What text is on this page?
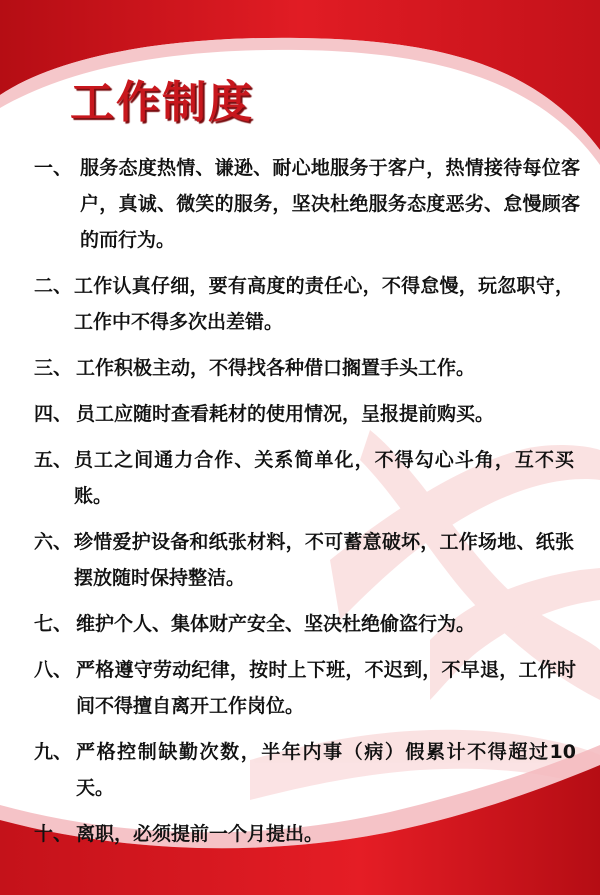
工作制度
一、 服务态度热情、谦逊、耐心地服务于客户，热情接待每位客户，真诚、微笑的服务，坚决杜绝服务态度恶劣、怠慢顾客的而行为。
二、 工作认真仔细，要有高度的责任心，不得怠慢，玩忽职守，工作中不得多次出差错。
三、 工作积极主动，不得找各种借口搁置手头工作。
四、 员工应随时查看耗材的使用情况，呈报提前购买。
五、 员工之间通力合作、关系简单化，不得勾心斗角，互不买账。
六、 珍惜爱护设备和纸张材料，不可蓄意破坏，工作场地、纸张摆放随时保持整洁。
七、 维护个人、集体财产安全、坚决杜绝偷盗行为。
八、 严格遵守劳动纪律，按时上下班，不迟到，不早退，工作时间不得擅自离开工作岗位。
九、 严格控制缺勤次数，半年内事（病）假累计不得超过10天。
十、 离职，必须提前一个月提出。
